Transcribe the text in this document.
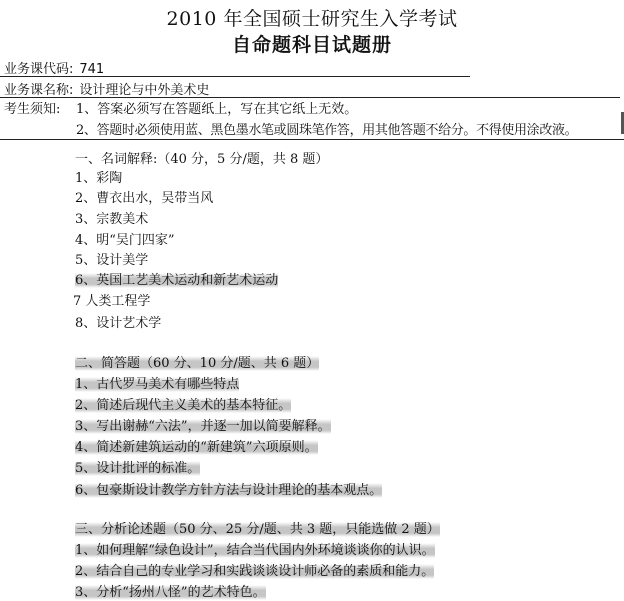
2010 年全国硕士研究生入学考试
自命题科目试题册
业务课代码: 741
业务课名称: 设计理论与中外美术史
考生须知: 1、答案必须写在答题纸上，写在其它纸上无效。
2、答题时必须使用蓝、黑色墨水笔或圆珠笔作答，用其他答题不给分。不得使用涂改液。
一、名词解释:（40 分，5 分/题，共 8 题）
1、彩陶
2、曹衣出水，吴带当风
3、宗教美术
4、明“吴门四家”
5、设计美学
6、英国工艺美术运动和新艺术运动
7 人类工程学
8、设计艺术学
二、简答题（60 分、10 分/题、共 6 题）
1、古代罗马美术有哪些特点
2、简述后现代主义美术的基本特征。
3、写出谢赫“六法”，并逐一加以简要解释。
4、简述新建筑运动的“新建筑”六项原则。
5、设计批评的标准。
6、包豪斯设计教学方针方法与设计理论的基本观点。
三、分析论述题（50 分、25 分/题、共 3 题，只能选做 2 题）
1、如何理解“绿色设计”，结合当代国内外环境谈谈你的认识。
2、结合自己的专业学习和实践谈谈设计师必备的素质和能力。
3、分析“扬州八怪”的艺术特色。
